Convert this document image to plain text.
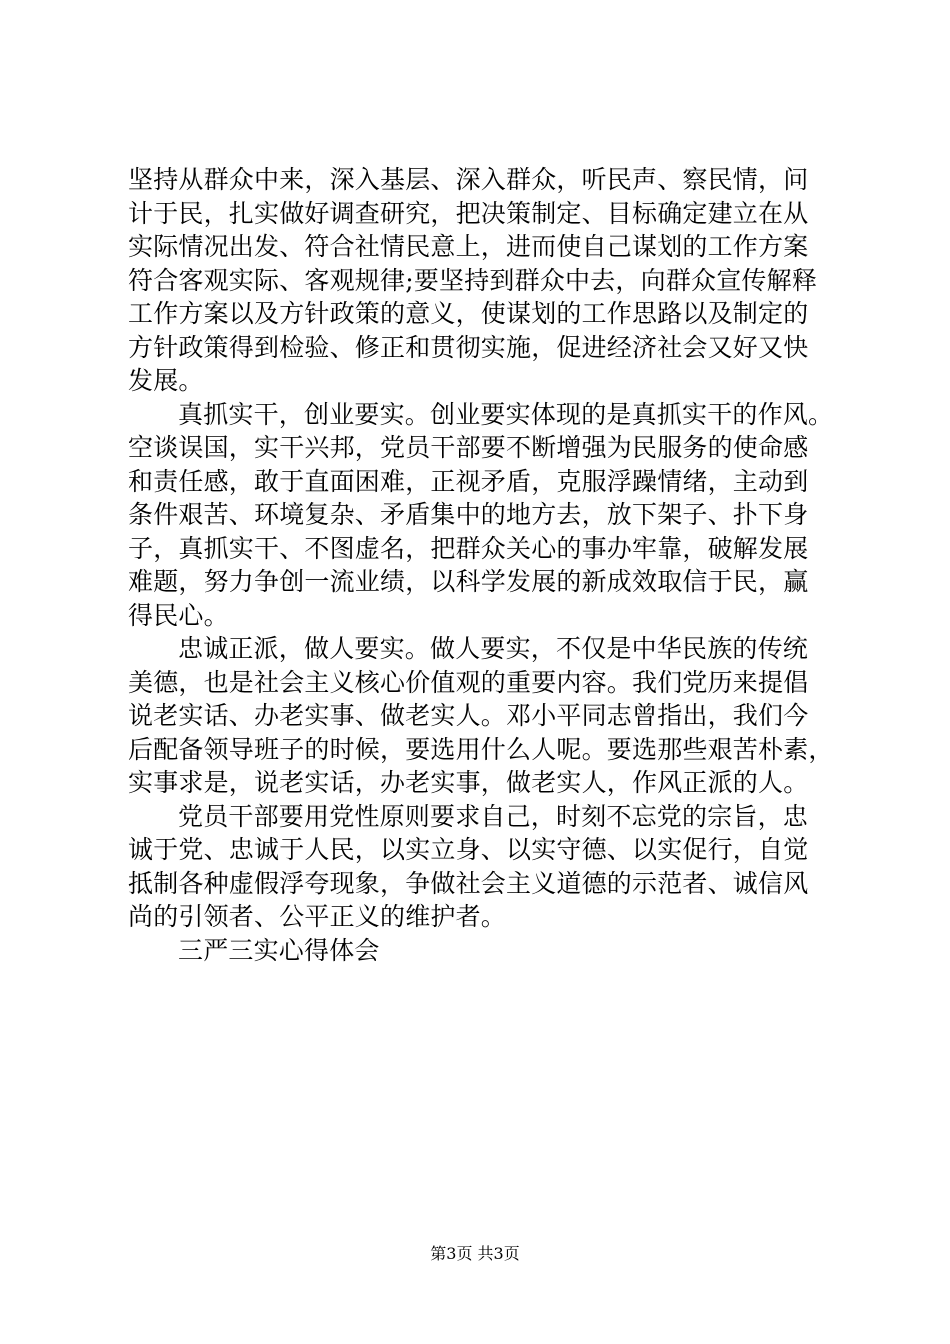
坚持从群众中来，深入基层、深入群众，听民声、察民情，问
计于民，扎实做好调查研究，把决策制定、目标确定建立在从
实际情况出发、符合社情民意上，进而使自己谋划的工作方案
符合客观实际、客观规律;要坚持到群众中去，向群众宣传解释
工作方案以及方针政策的意义，使谋划的工作思路以及制定的
方针政策得到检验、修正和贯彻实施，促进经济社会又好又快
发展。
真抓实干，创业要实。创业要实体现的是真抓实干的作风。
空谈误国，实干兴邦，党员干部要不断增强为民服务的使命感
和责任感，敢于直面困难，正视矛盾，克服浮躁情绪，主动到
条件艰苦、环境复杂、矛盾集中的地方去，放下架子、扑下身
子，真抓实干、不图虚名，把群众关心的事办牢靠，破解发展
难题，努力争创一流业绩，以科学发展的新成效取信于民，赢
得民心。
忠诚正派，做人要实。做人要实，不仅是中华民族的传统
美德，也是社会主义核心价值观的重要内容。我们党历来提倡
说老实话、办老实事、做老实人。邓小平同志曾指出，我们今
后配备领导班子的时候，要选用什么人呢。要选那些艰苦朴素，
实事求是，说老实话，办老实事，做老实人，作风正派的人。
党员干部要用党性原则要求自己，时刻不忘党的宗旨，忠
诚于党、忠诚于人民，以实立身、以实守德、以实促行，自觉
抵制各种虚假浮夸现象，争做社会主义道德的示范者、诚信风
尚的引领者、公平正义的维护者。
三严三实心得体会
第3页 共3页
